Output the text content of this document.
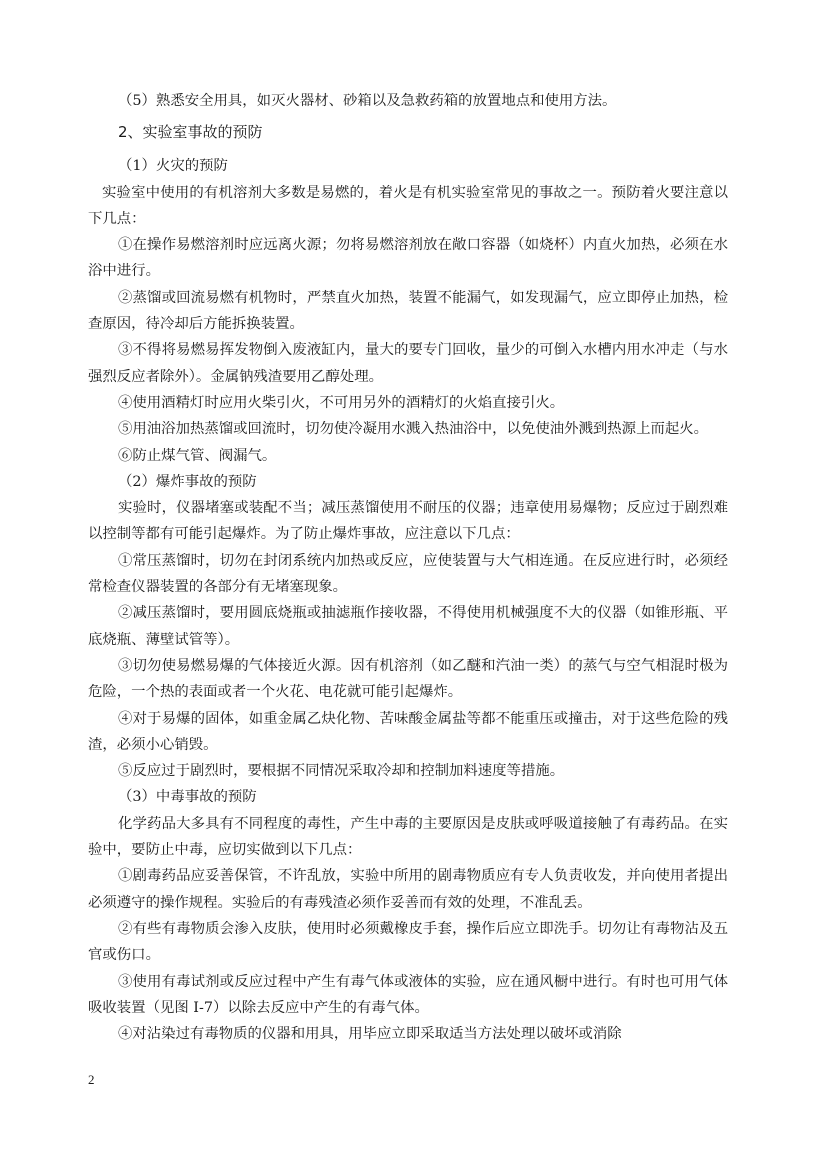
（5）熟悉安全用具，如灭火器材、砂箱以及急救药箱的放置地点和使用方法。

2、实验室事故的预防

（1）火灾的预防

实验室中使用的有机溶剂大多数是易燃的，着火是有机实验室常见的事故之一。预防着火要注意以下几点：

①在操作易燃溶剂时应远离火源；勿将易燃溶剂放在敞口容器（如烧杯）内直火加热，必须在水浴中进行。

②蒸馏或回流易燃有机物时，严禁直火加热，装置不能漏气，如发现漏气，应立即停止加热，检查原因，待冷却后方能拆换装置。

③不得将易燃易挥发物倒入废液缸内，量大的要专门回收，量少的可倒入水槽内用水冲走（与水强烈反应者除外）。金属钠残渣要用乙醇处理。

④使用酒精灯时应用火柴引火，不可用另外的酒精灯的火焰直接引火。

⑤用油浴加热蒸馏或回流时，切勿使冷凝用水溅入热油浴中，以免使油外溅到热源上而起火。

⑥防止煤气管、阀漏气。

（2）爆炸事故的预防

实验时，仪器堵塞或装配不当；减压蒸馏使用不耐压的仪器；违章使用易爆物；反应过于剧烈难以控制等都有可能引起爆炸。为了防止爆炸事故，应注意以下几点：

①常压蒸馏时，切勿在封闭系统内加热或反应，应使装置与大气相连通。在反应进行时，必须经常检查仪器装置的各部分有无堵塞现象。

②减压蒸馏时，要用圆底烧瓶或抽滤瓶作接收器，不得使用机械强度不大的仪器（如锥形瓶、平底烧瓶、薄壁试管等）。

③切勿使易燃易爆的气体接近火源。因有机溶剂（如乙醚和汽油一类）的蒸气与空气相混时极为危险，一个热的表面或者一个火花、电花就可能引起爆炸。

④对于易爆的固体，如重金属乙炔化物、苦味酸金属盐等都不能重压或撞击，对于这些危险的残渣，必须小心销毁。

⑤反应过于剧烈时，要根据不同情况采取冷却和控制加料速度等措施。

（3）中毒事故的预防

化学药品大多具有不同程度的毒性，产生中毒的主要原因是皮肤或呼吸道接触了有毒药品。在实验中，要防止中毒，应切实做到以下几点：

①剧毒药品应妥善保管，不许乱放，实验中所用的剧毒物质应有专人负责收发，并向使用者提出必须遵守的操作规程。实验后的有毒残渣必须作妥善而有效的处理，不准乱丢。

②有些有毒物质会渗入皮肤，使用时必须戴橡皮手套，操作后应立即洗手。切勿让有毒物沾及五官或伤口。

③使用有毒试剂或反应过程中产生有毒气体或液体的实验，应在通风橱中进行。有时也可用气体吸收装置（见图 I-7）以除去反应中产生的有毒气体。

④对沾染过有毒物质的仪器和用具，用毕应立即采取适当方法处理以破坏或消除

2
